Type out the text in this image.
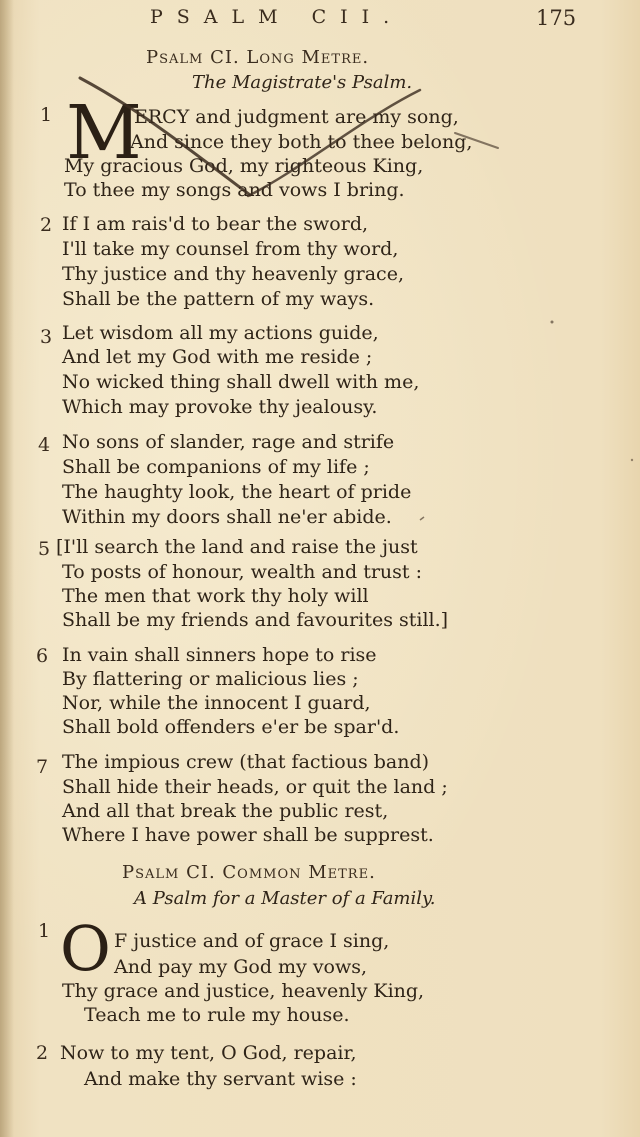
PSALM CII.	175
Psalm CI. Long Metre.
The Magistrate's Psalm.
M
1	ERCY and judgment are my song,
And since they both to thee belong,
My gracious God, my righteous King,
To thee my songs and vows I bring.
2 If I am rais'd to bear the sword,
I'll take my counsel from thy word,
Thy justice and thy heavenly grace,
Shall be the pattern of my ways.
3 Let wisdom all my actions guide,
And let my God with me reside ;
No wicked thing shall dwell with me,
Which may provoke thy jealousy.
4 No sons of slander, rage and strife
Shall be companions of my life ;
The haughty look, the heart of pride
Within my doors shall ne'er abide.
5 [I'll search the land and raise the just
To posts of honour, wealth and trust :
The men that work thy holy will
Shall be my friends and favourites still.]
6 In vain shall sinners hope to rise
By flattering or malicious lies ;
Nor, while the innocent I guard,
Shall bold offenders e'er be spar'd.
7 The impious crew (that factious band)
Shall hide their heads, or quit the land ;
And all that break the public rest,
Where I have power shall be supprest.
Psalm CI. Common Metre.
A Psalm for a Master of a Family.
O
1	F justice and of grace I sing,
And pay my God my vows,
Thy grace and justice, heavenly King,
Teach me to rule my house.
2 Now to my tent, O God, repair,
And make thy servant wise :
